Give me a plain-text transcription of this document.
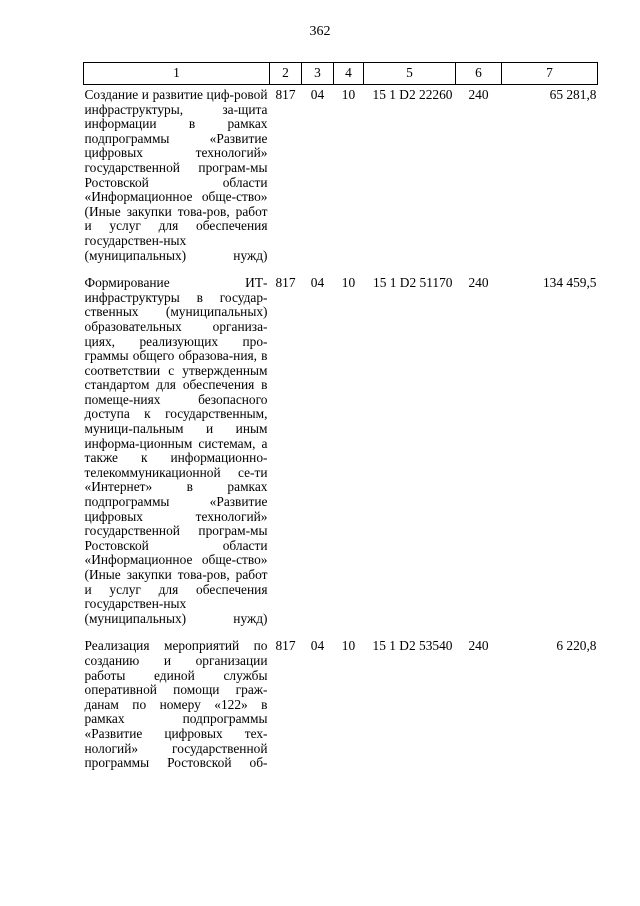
362
1	2	3	4	5	6	7

Создание и развитие циф-ровой инфраструктуры, за-щита информации в рамках подпрограммы «Развитие цифровых технологий» государственной програм-мы Ростовской области «Информационное обще-ство» (Иные закупки това-ров, работ и услуг для обеспечения государствен-ных (муниципальных) нужд)	817	04	10	15 1 D2 22260	240	65 281,8

Формирование ИТ-инфраструктуры в государ-ственных (муниципальных) образовательных организа-циях, реализующих про-граммы общего образова-ния, в соответствии с утвержденным стандартом для обеспечения в помеще-ниях безопасного доступа к государственным, муници-пальным и иным информа-ционным системам, а также к информационно-телекоммуникационной се-ти «Интернет» в рамках подпрограммы «Развитие цифровых технологий» государственной програм-мы Ростовской области «Информационное обще-ство» (Иные закупки това-ров, работ и услуг для обеспечения государствен-ных (муниципальных) нужд)	817	04	10	15 1 D2 51170	240	134 459,5

Реализация мероприятий по созданию и организации работы единой службы оперативной помощи граж-данам по номеру «122» в рамках подпрограммы «Развитие цифровых тех-нологий» государственной программы Ростовской об-	817	04	10	15 1 D2 53540	240	6 220,8
